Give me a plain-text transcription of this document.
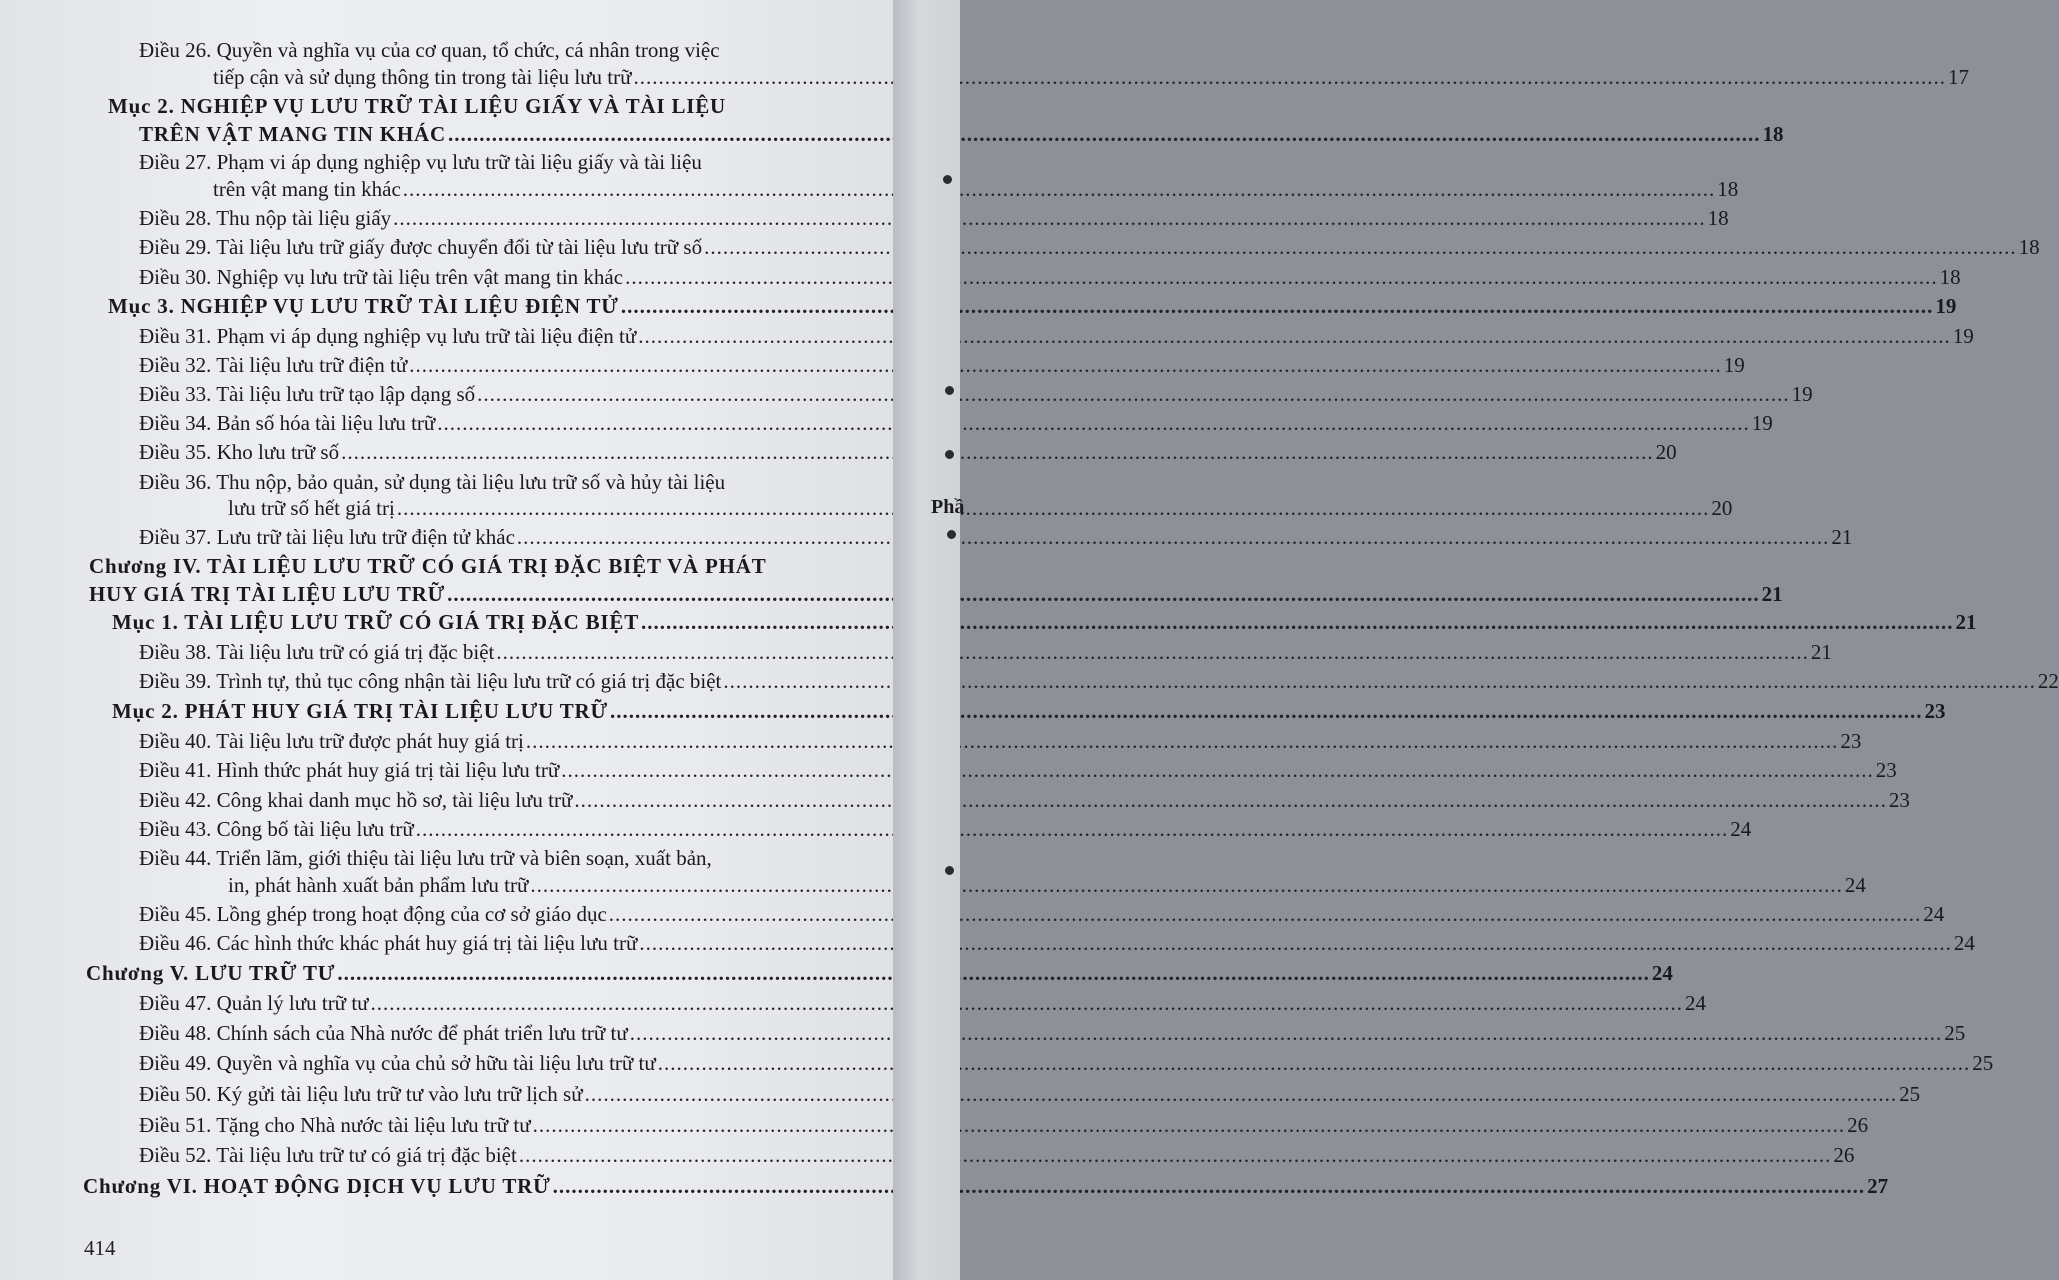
Điều 26. Quyền và nghĩa vụ của cơ quan, tổ chức, cá nhân trong việc
tiếp cận và sử dụng thông tin trong tài liệu lưu trữ .....	17
Mục 2. NGHIỆP VỤ LƯU TRỮ TÀI LIỆU GIẤY VÀ TÀI LIỆU
TRÊN VẬT MANG TIN KHÁC .....	18
Điều 27. Phạm vi áp dụng nghiệp vụ lưu trữ tài liệu giấy và tài liệu
trên vật mang tin khác .....	18
Điều 28. Thu nộp tài liệu giấy .....	18
Điều 29. Tài liệu lưu trữ giấy được chuyển đổi từ tài liệu lưu trữ số .....	18
Điều 30. Nghiệp vụ lưu trữ tài liệu trên vật mang tin khác .....	18
Mục 3. NGHIỆP VỤ LƯU TRỮ TÀI LIỆU ĐIỆN TỬ .....	19
Điều 31. Phạm vi áp dụng nghiệp vụ lưu trữ tài liệu điện tử .....	19
Điều 32. Tài liệu lưu trữ điện tử .....	19
Điều 33. Tài liệu lưu trữ tạo lập dạng số .....	19
Điều 34. Bản số hóa tài liệu lưu trữ .....	19
Điều 35. Kho lưu trữ số .....	20
Điều 36. Thu nộp, bảo quản, sử dụng tài liệu lưu trữ số và hủy tài liệu
lưu trữ số hết giá trị .....	20
Điều 37. Lưu trữ tài liệu lưu trữ điện tử khác .....	21
Chương IV. TÀI LIỆU LƯU TRỮ CÓ GIÁ TRỊ ĐẶC BIỆT VÀ PHÁT
HUY GIÁ TRỊ TÀI LIỆU LƯU TRỮ .....	21
Mục 1. TÀI LIỆU LƯU TRỮ CÓ GIÁ TRỊ ĐẶC BIỆT .....	21
Điều 38. Tài liệu lưu trữ có giá trị đặc biệt .....	21
Điều 39. Trình tự, thủ tục công nhận tài liệu lưu trữ có giá trị đặc biệt .....	22
Mục 2. PHÁT HUY GIÁ TRỊ TÀI LIỆU LƯU TRỮ .....	23
Điều 40. Tài liệu lưu trữ được phát huy giá trị .....	23
Điều 41. Hình thức phát huy giá trị tài liệu lưu trữ .....	23
Điều 42. Công khai danh mục hồ sơ, tài liệu lưu trữ .....	23
Điều 43. Công bố tài liệu lưu trữ .....	24
Điều 44. Triển lãm, giới thiệu tài liệu lưu trữ và biên soạn, xuất bản,
in, phát hành xuất bản phẩm lưu trữ .....	24
Điều 45. Lồng ghép trong hoạt động của cơ sở giáo dục .....	24
Điều 46. Các hình thức khác phát huy giá trị tài liệu lưu trữ .....	24
Chương V. LƯU TRỮ TƯ .....	24
Điều 47. Quản lý lưu trữ tư .....	24
Điều 48. Chính sách của Nhà nước để phát triển lưu trữ tư .....	25
Điều 49. Quyền và nghĩa vụ của chủ sở hữu tài liệu lưu trữ tư .....	25
Điều 50. Ký gửi tài liệu lưu trữ tư vào lưu trữ lịch sử .....	25
Điều 51. Tặng cho Nhà nước tài liệu lưu trữ tư .....	26
Điều 52. Tài liệu lưu trữ tư có giá trị đặc biệt .....	26
Chương VI. HOẠT ĐỘNG DỊCH VỤ LƯU TRỮ .....	27
414
Phầ
